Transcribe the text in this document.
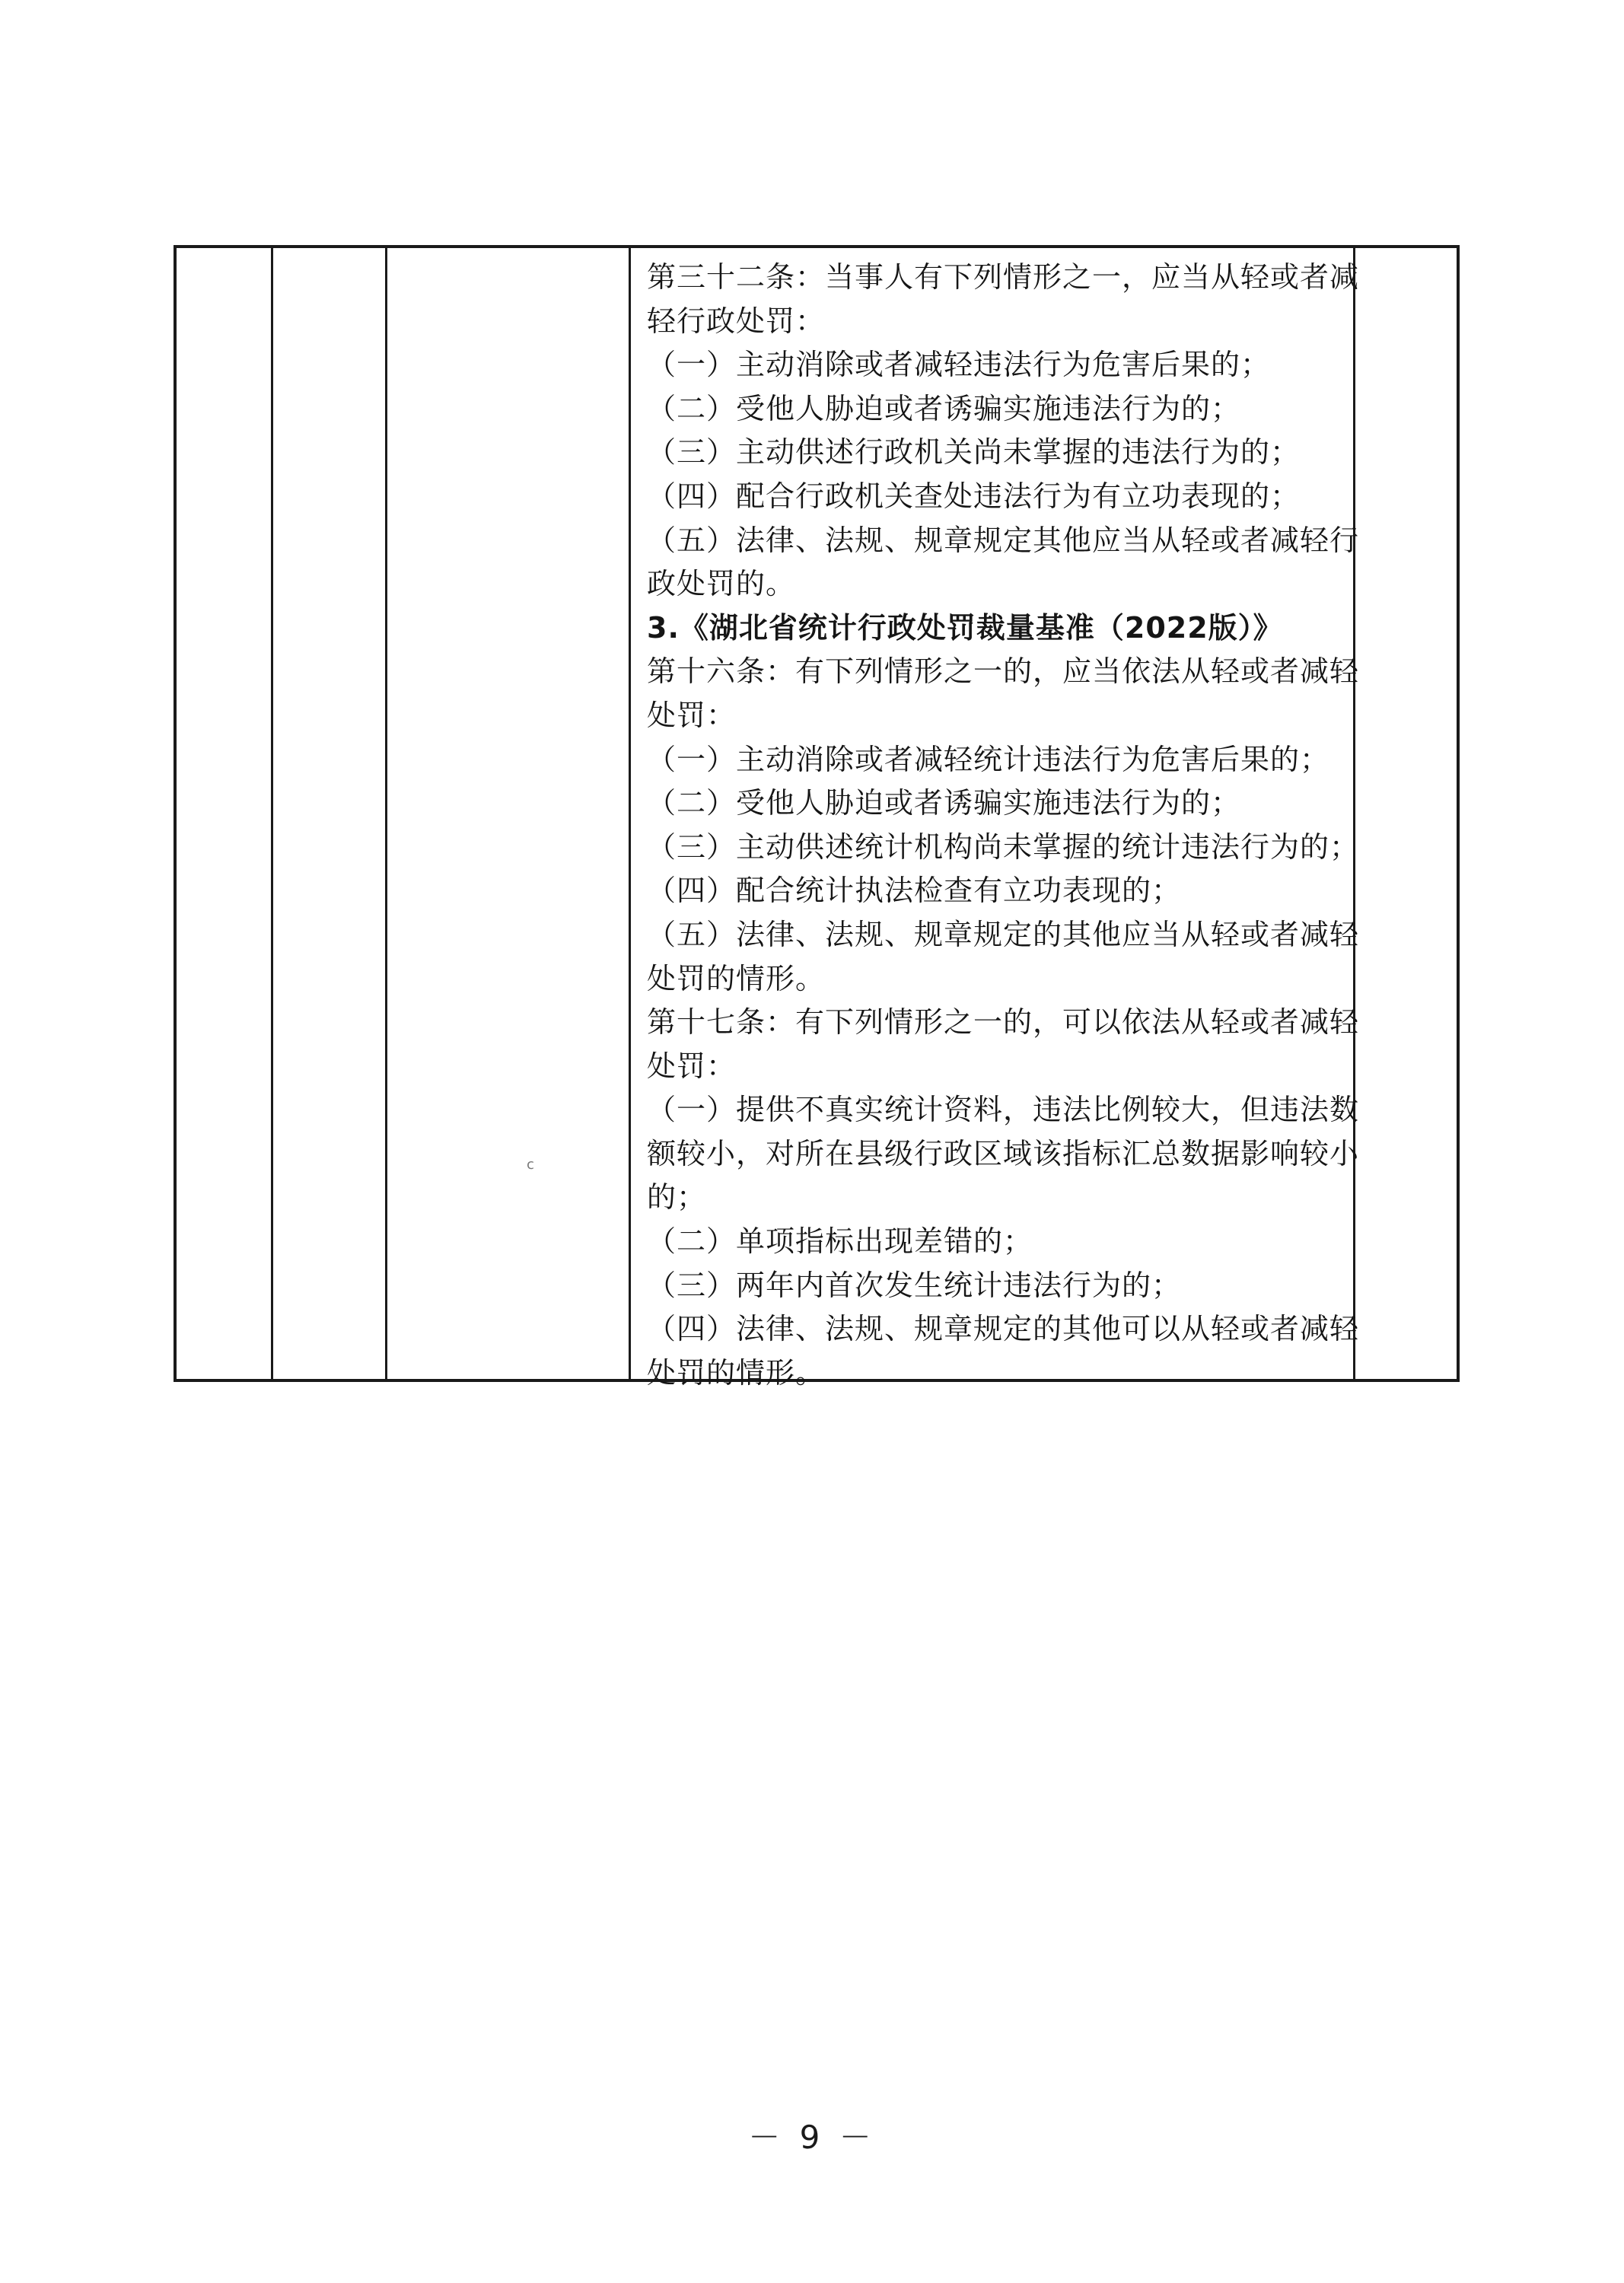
第三十二条：当事人有下列情形之一，应当从轻或者减
轻行政处罚：
（一）主动消除或者减轻违法行为危害后果的；
（二）受他人胁迫或者诱骗实施违法行为的；
（三）主动供述行政机关尚未掌握的违法行为的；
（四）配合行政机关查处违法行为有立功表现的；
（五）法律、法规、规章规定其他应当从轻或者减轻行
政处罚的。
3.《湖北省统计行政处罚裁量基准（2022版）》
第十六条：有下列情形之一的，应当依法从轻或者减轻
处罚：
（一）主动消除或者减轻统计违法行为危害后果的；
（二）受他人胁迫或者诱骗实施违法行为的；
（三）主动供述统计机构尚未掌握的统计违法行为的；
（四）配合统计执法检查有立功表现的；
（五）法律、法规、规章规定的其他应当从轻或者减轻
处罚的情形。
第十七条：有下列情形之一的，可以依法从轻或者减轻
处罚：
（一）提供不真实统计资料，违法比例较大，但违法数
额较小，对所在县级行政区域该指标汇总数据影响较小
的；
（二）单项指标出现差错的；
（三）两年内首次发生统计违法行为的；
（四）法律、法规、规章规定的其他可以从轻或者减轻
处罚的情形。
c
－ 9 －
